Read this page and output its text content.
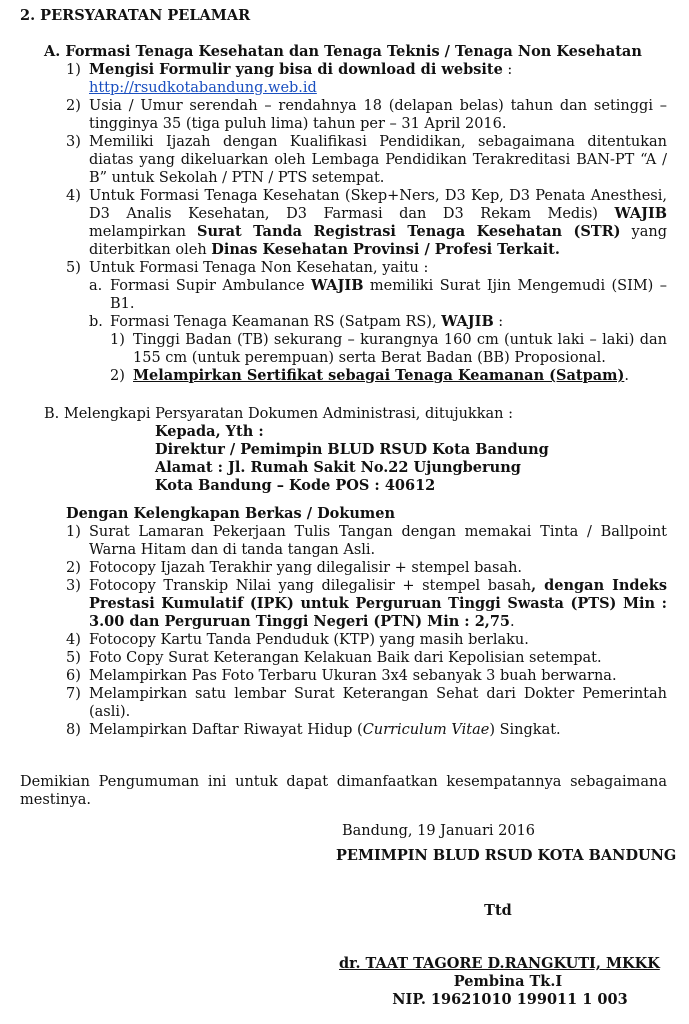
2. PERSYARATAN PELAMAR
A. Formasi Tenaga Kesehatan dan Tenaga Teknis / Tenaga Non Kesehatan
1) Mengisi Formulir yang bisa di download di website :
http://rsudkotabandung.web.id
2) Usia / Umur serendah – rendahnya 18 (delapan belas) tahun dan setinggi –
tingginya 35 (tiga puluh lima) tahun per – 31 April 2016.
3) Memiliki Ijazah dengan Kualifikasi Pendidikan, sebagaimana ditentukan
diatas yang dikeluarkan oleh Lembaga Pendidikan Terakreditasi BAN-PT “A /
B” untuk Sekolah / PTN / PTS setempat.
4) Untuk Formasi Tenaga Kesehatan (Skep+Ners, D3 Kep, D3 Penata Anesthesi,
D3 Analis Kesehatan, D3 Farmasi dan D3 Rekam Medis) WAJIB
melampirkan Surat Tanda Registrasi Tenaga Kesehatan (STR) yang
diterbitkan oleh Dinas Kesehatan Provinsi / Profesi Terkait.
5) Untuk Formasi Tenaga Non Kesehatan, yaitu :
a. Formasi Supir Ambulance WAJIB memiliki Surat Ijin Mengemudi (SIM) –
B1.
b. Formasi Tenaga Keamanan RS (Satpam RS), WAJIB :
1) Tinggi Badan (TB) sekurang – kurangnya 160 cm (untuk laki – laki) dan
155 cm (untuk perempuan) serta Berat Badan (BB) Proposional.
2) Melampirkan Sertifikat sebagai Tenaga Keamanan (Satpam).
B. Melengkapi Persyaratan Dokumen Administrasi, ditujukkan :
Kepada, Yth :
Direktur / Pemimpin BLUD RSUD Kota Bandung
Alamat : Jl. Rumah Sakit No.22 Ujungberung
Kota Bandung – Kode POS : 40612
Dengan Kelengkapan Berkas / Dokumen
1) Surat Lamaran Pekerjaan Tulis Tangan dengan memakai Tinta / Ballpoint
Warna Hitam dan di tanda tangan Asli.
2) Fotocopy Ijazah Terakhir yang dilegalisir + stempel basah.
3) Fotocopy Transkip Nilai yang dilegalisir + stempel basah, dengan Indeks
Prestasi Kumulatif (IPK) untuk Perguruan Tinggi Swasta (PTS) Min :
3.00 dan Perguruan Tinggi Negeri (PTN) Min : 2,75.
4) Fotocopy Kartu Tanda Penduduk (KTP) yang masih berlaku.
5) Foto Copy Surat Keterangan Kelakuan Baik dari Kepolisian setempat.
6) Melampirkan Pas Foto Terbaru Ukuran 3x4 sebanyak 3 buah berwarna.
7) Melampirkan satu lembar Surat Keterangan Sehat dari Dokter Pemerintah
(asli).
8) Melampirkan Daftar Riwayat Hidup (Curriculum Vitae) Singkat.
Demikian Pengumuman ini untuk dapat dimanfaatkan kesempatannya sebagaimana
mestinya.
Bandung, 19 Januari 2016
PEMIMPIN BLUD RSUD KOTA BANDUNG
Ttd
dr. TAAT TAGORE D.RANGKUTI, MKKK
Pembina Tk.I
NIP. 19621010 199011 1 003
